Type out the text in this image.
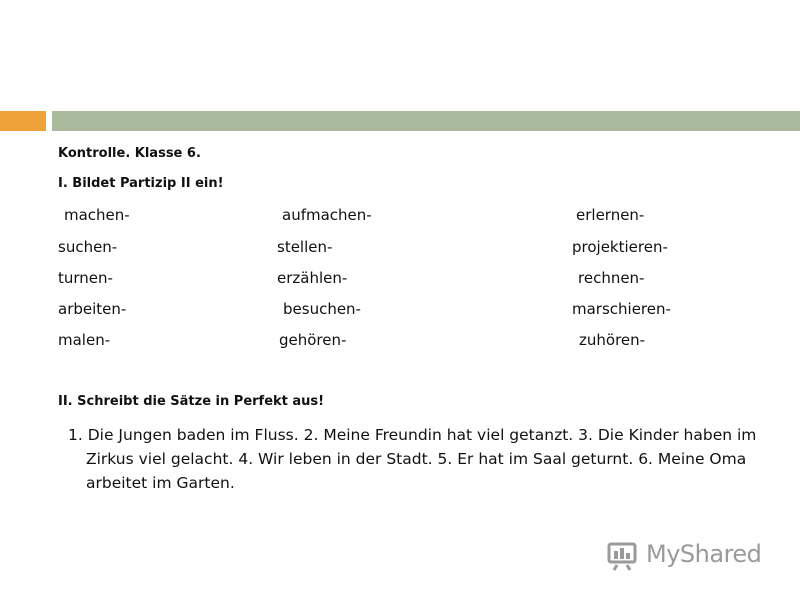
Kontrolle. Klasse 6.
I. Bildet Partizip II ein!
machen-	aufmachen-	erlernen-
suchen-	stellen-	projektieren-
turnen-	erzählen-	rechnen-
arbeiten-	besuchen-	marschieren-
malen-	gehören-	zuhören-
II. Schreibt die Sätze in Perfekt aus!
1. Die Jungen baden im Fluss. 2. Meine Freundin hat viel getanzt. 3. Die Kinder haben im Zirkus viel gelacht. 4. Wir leben in der Stadt. 5. Er hat im Saal geturnt. 6. Meine Oma arbeitet im Garten.
MyShared
